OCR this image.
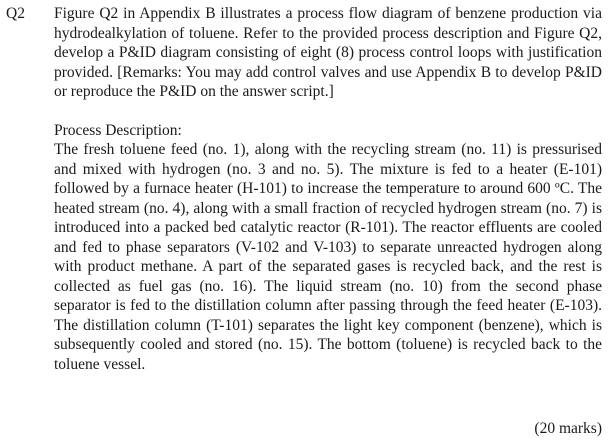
Q2 Figure Q2 in Appendix B illustrates a process flow diagram of benzene production via hydrodealkylation of toluene. Refer to the provided process description and Figure Q2, develop a P&ID diagram consisting of eight (8) process control loops with justification provided. [Remarks: You may add control valves and use Appendix B to develop P&ID or reproduce the P&ID on the answer script.]

Process Description:

The fresh toluene feed (no. 1), along with the recycling stream (no. 11) is pressurised and mixed with hydrogen (no. 3 and no. 5). The mixture is fed to a heater (E-101) followed by a furnace heater (H-101) to increase the temperature to around 600 ºC. The heated stream (no. 4), along with a small fraction of recycled hydrogen stream (no. 7) is introduced into a packed bed catalytic reactor (R-101). The reactor effluents are cooled and fed to phase separators (V-102 and V-103) to separate unreacted hydrogen along with product methane. A part of the separated gases is recycled back, and the rest is collected as fuel gas (no. 16). The liquid stream (no. 10) from the second phase separator is fed to the distillation column after passing through the feed heater (E-103). The distillation column (T-101) separates the light key component (benzene), which is subsequently cooled and stored (no. 15). The bottom (toluene) is recycled back to the toluene vessel.

(20 marks)
